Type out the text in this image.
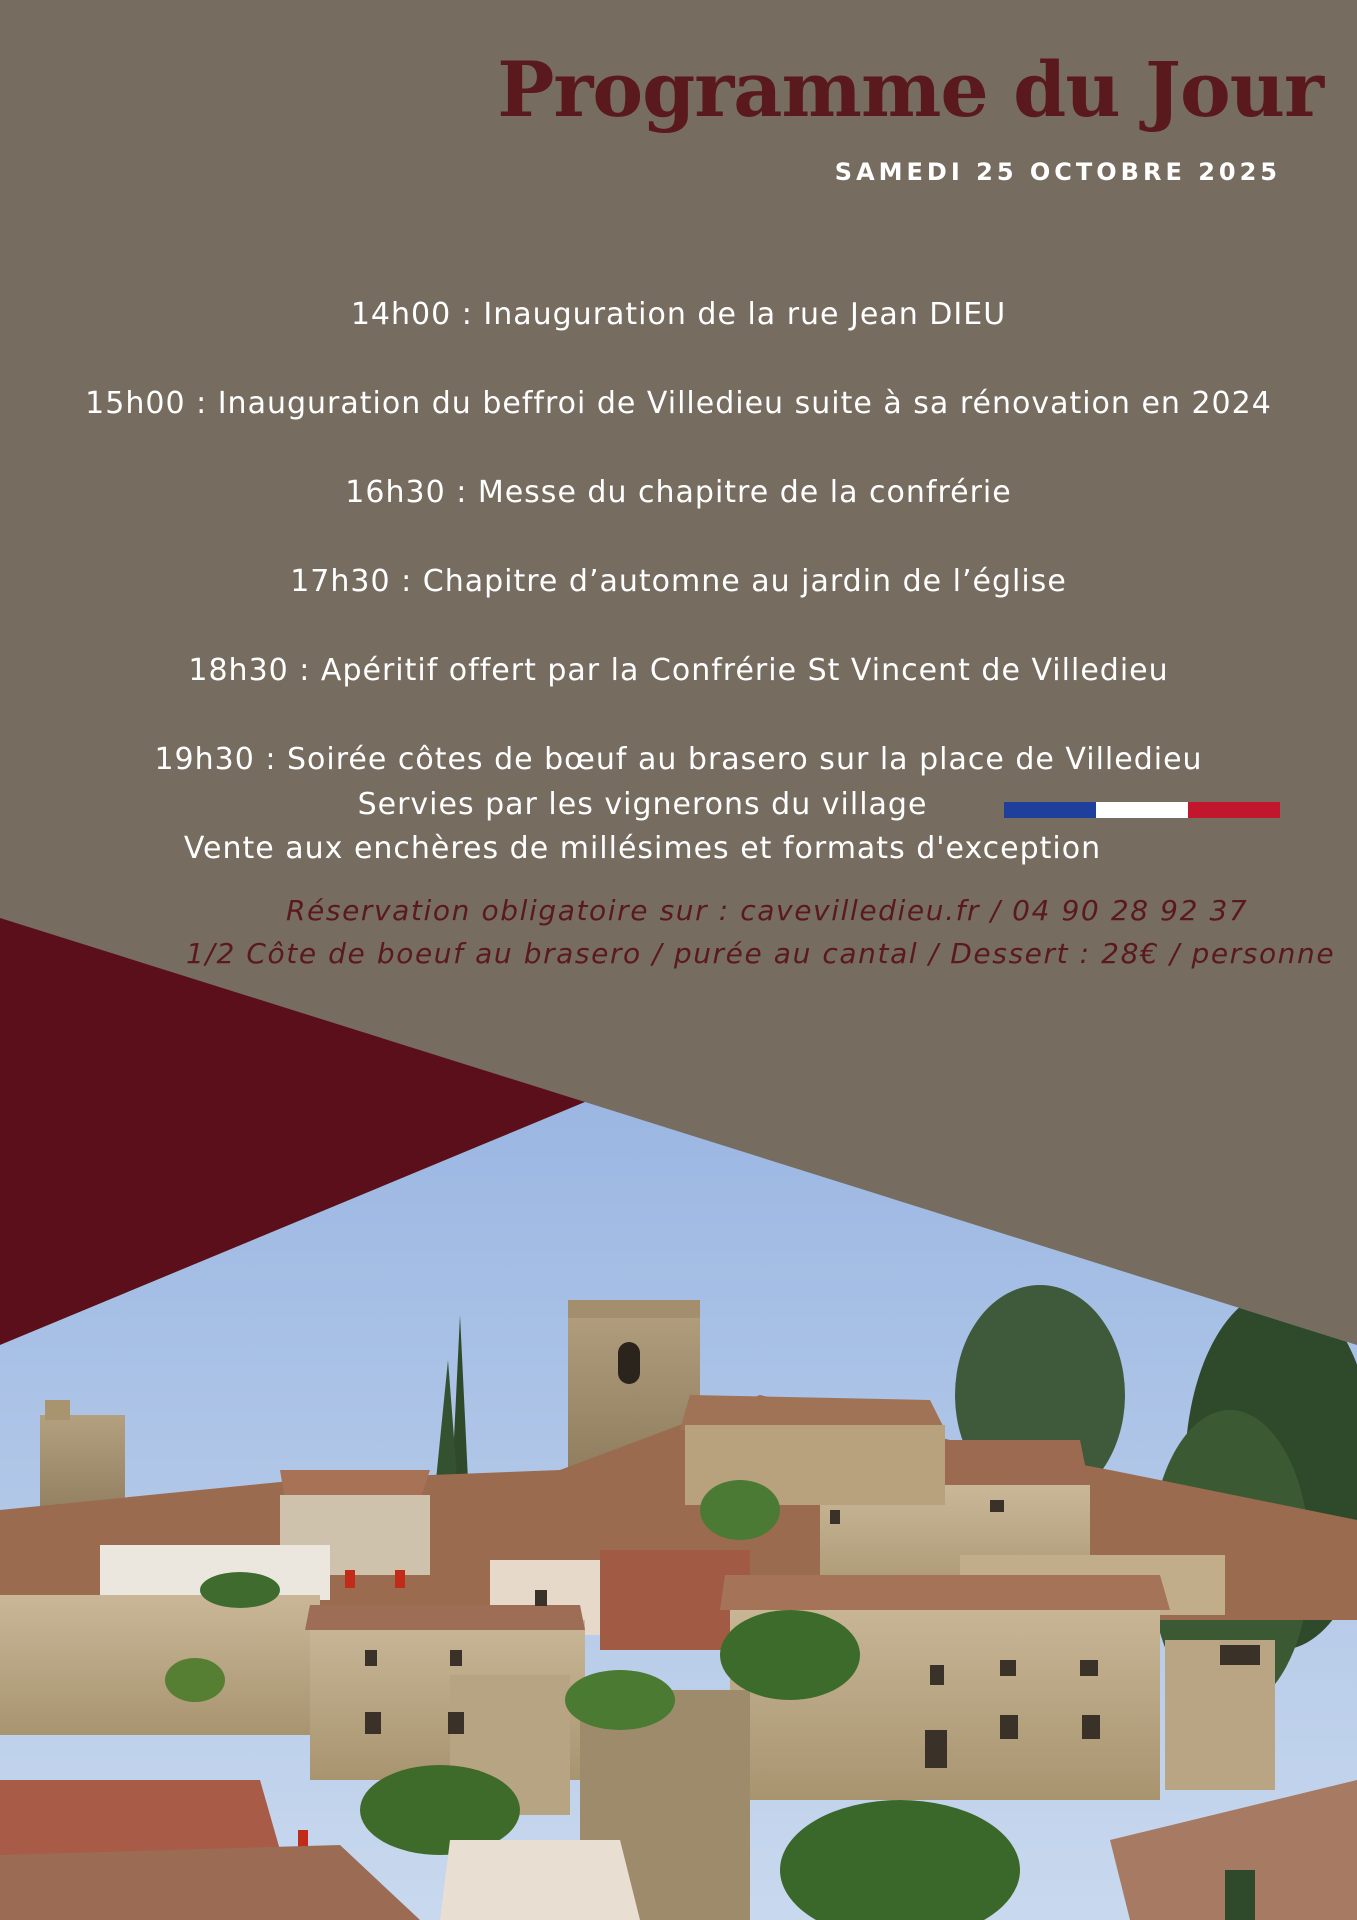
Programme du Jour
SAMEDI 25 OCTOBRE 2025
14h00 : Inauguration de la rue Jean DIEU
15h00 : Inauguration du beffroi de Villedieu suite à sa rénovation en 2024
16h30 : Messe du chapitre de la confrérie
17h30 : Chapitre d’automne au jardin de l’église
18h30 : Apéritif offert par la Confrérie St Vincent de Villedieu
19h30 : Soirée côtes de bœuf au brasero sur la place de Villedieu
Servies par les vignerons du village
Vente aux enchères de millésimes et formats d'exception
Réservation obligatoire sur : cavevilledieu.fr / 04 90 28 92 37
1/2 Côte de boeuf au brasero / purée au cantal / Dessert : 28€ / personne
